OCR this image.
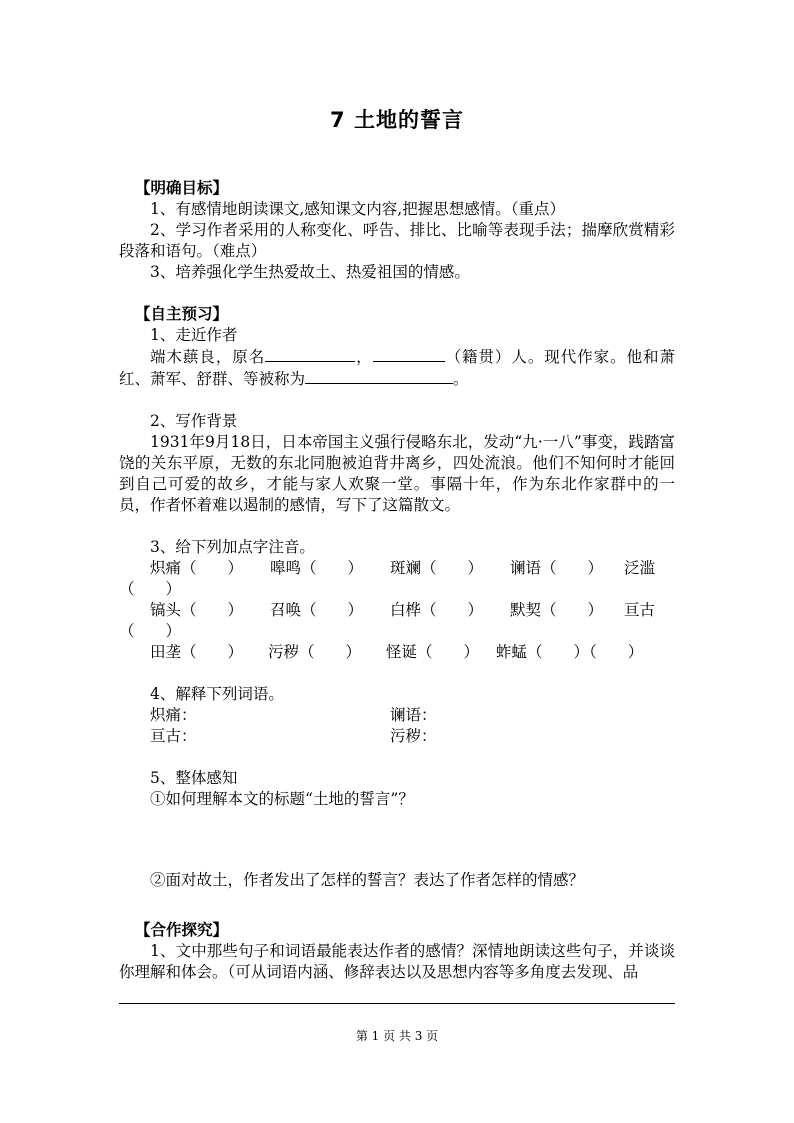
7 土地的誓言

【明确目标】

1、有感情地朗读课文,感知课文内容,把握思想感情。（重点）

2、学习作者采用的人称变化、呼告、排比、比喻等表现手法；揣摩欣赏精彩段落和语句。（难点）

3、培养强化学生热爱故土、热爱祖国的情感。

【自主预习】

1、走近作者

端木蕻良，原名	，	（籍贯）人。现代作家。他和萧红、萧军、舒群、等被称为	。

2、写作背景

1931年9月18日，日本帝国主义强行侵略东北，发动“九·一八”事变，践踏富饶的关东平原，无数的东北同胞被迫背井离乡，四处流浪。他们不知何时才能回到自己可爱的故乡，才能与家人欢聚一堂。事隔十年，作为东北作家群中的一员，作者怀着难以遏制的感情，写下了这篇散文。

3、给下列加点字注音。

炽痛（　　）	嗥鸣（　　）	斑斓（　　）	谰语（　　）	泛滥

（　　）

镐头（　　）	召唤（　　）	白桦（　　）	默契（　　）	亘古

（　　）

田垄（　　）	污秽（　　）	怪诞（　　）	蚱蜢（　　）（　　）

4、解释下列词语。

炽痛：	谰语：
亘古：	污秽：

5、整体感知

①如何理解本文的标题“土地的誓言”？

②面对故土，作者发出了怎样的誓言？表达了作者怎样的情感？

【合作探究】

1、文中那些句子和词语最能表达作者的感情？深情地朗读这些句子，并谈谈你理解和体会。（可从词语内涵、修辞表达以及思想内容等多角度去发现、品

第 1 页 共 3 页
